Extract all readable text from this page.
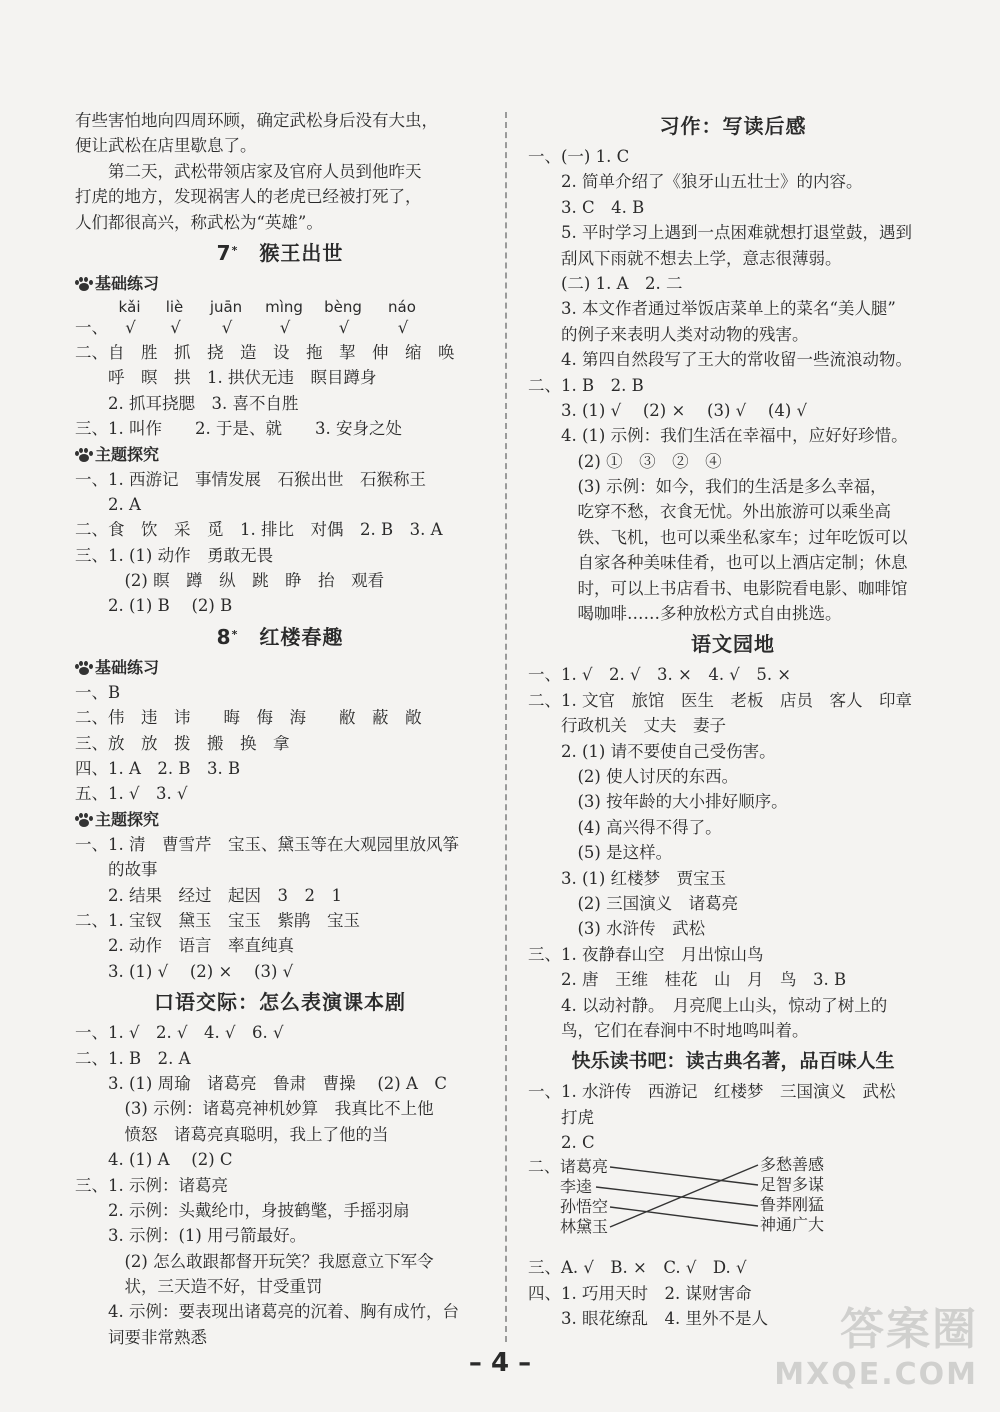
有些害怕地向四周环顾，确定武松身后没有大虫，
便让武松在店里歇息了。
　　第二天，武松带领店家及官府人员到他昨天
打虎的地方，发现祸害人的老虎已经被打死了，
人们都很高兴，称武松为“英雄”。
7*　 猴王出世
基础练习
kǎi liè juān mìng bèng náo
一、 √ √ √	√	√	√
二、自　胜　抓　挠　造　设　拖　挈　伸　缩　唤
　　呼　暝　拱　1. 拱伏无违　瞑目蹲身
　　2. 抓耳挠腮　3. 喜不自胜
三、1. 叫作　　2. 于是、就　　3. 安身之处
主题探究
一、1. 西游记　事情发展　石猴出世　石猴称王
　　2. A
二、食　饮　采　觅　1. 排比　对偶　2. B　3. A
三、1. (1) 动作　勇敢无畏
　　　(2) 瞑　蹲　纵　跳　睁　抬　观看
　　2. (1) B　 (2) B
8*　 红楼春趣
基础练习
一、B
二、伟　违　讳　　晦　侮　海　　敝　蔽　敞
三、放　放　拨　搬　换　拿
四、1. A　2. B　3. B
五、1. √　3. √
主题探究
一、1. 清　曹雪芹　宝玉、黛玉等在大观园里放风筝
　　的故事
　　2. 结果　经过　起因　3　2　1
二、1. 宝钗　黛玉　宝玉　紫鹃　宝玉
　　2. 动作　语言　率直纯真
　　3. (1) √　 (2) ×　 (3) √
口语交际：怎么表演课本剧
一、1. √　2. √　4. √　6. √
二、1. B　2. A
　　3. (1) 周瑜　诸葛亮　鲁肃　曹操　 (2) A　C
　　　(3) 示例：诸葛亮神机妙算　我真比不上他
　　　愤怒　诸葛亮真聪明，我上了他的当
　　4. (1) A　 (2) C
三、1. 示例：诸葛亮
　　2. 示例：头戴纶巾，身披鹤氅，手摇羽扇
　　3. 示例：(1) 用弓箭最好。
　　　(2) 怎么敢跟都督开玩笑？我愿意立下军令
　　　状，三天造不好，甘受重罚
　　4. 示例：要表现出诸葛亮的沉着、胸有成竹，台
　　词要非常熟悉
习作：写读后感
一、(一) 1. C
　　2. 简单介绍了《狼牙山五壮士》的内容。
　　3. C　4. B
　　5. 平时学习上遇到一点困难就想打退堂鼓，遇到
　　刮风下雨就不想去上学，意志很薄弱。
　　(二) 1. A　2. 二
　　3. 本文作者通过举饭店菜单上的菜名“美人腿”
　　的例子来表明人类对动物的残害。
　　4. 第四自然段写了王大的常收留一些流浪动物。
二、1. B　2. B
　　3. (1) √　 (2) ×　 (3) √　 (4) √
　　4. (1) 示例：我们生活在幸福中，应好好珍惜。
　　　(2) ①　③　②　④
　　　(3) 示例：如今，我们的生活是多么幸福，
　　　吃穿不愁，衣食无忧。外出旅游可以乘坐高
　　　铁、飞机，也可以乘坐私家车；过年吃饭可以
　　　自家各种美味佳肴，也可以上酒店定制；休息
　　　时，可以上书店看书、电影院看电影、咖啡馆
　　　喝咖啡……多种放松方式自由挑选。
语文园地
一、1. √　2. √　3. ×　4. √　5. ×
二、1. 文官　旅馆　医生　老板　店员　客人　印章
　　行政机关　丈夫　妻子
　　2. (1) 请不要使自己受伤害。
　　　(2) 使人讨厌的东西。
　　　(3) 按年龄的大小排好顺序。
　　　(4) 高兴得不得了。
　　　(5) 是这样。
　　3. (1) 红楼梦　贾宝玉
　　　(2) 三国演义　诸葛亮
　　　(3) 水浒传　武松
三、1. 夜静春山空　月出惊山鸟
　　2. 唐　王维　桂花　山　月　鸟　3. B
　　4. 以动衬静。　月亮爬上山头，惊动了树上的
　　鸟，它们在春涧中不时地鸣叫着。
快乐读书吧：读古典名著，品百味人生
一、1. 水浒传　西游记　红楼梦　三国演义　武松
　　打虎
　　2. C
二、 诸葛亮
李逵
孙悟空
林黛玉
多愁善感
足智多谋
鲁莽刚猛
神通广大
三、A. √　B. ×　C. √　D. √
四、1. 巧用天时　2. 谋财害命
　　3. 眼花缭乱　4. 里外不是人
– 4 –
答案圈
MXQE.COM
